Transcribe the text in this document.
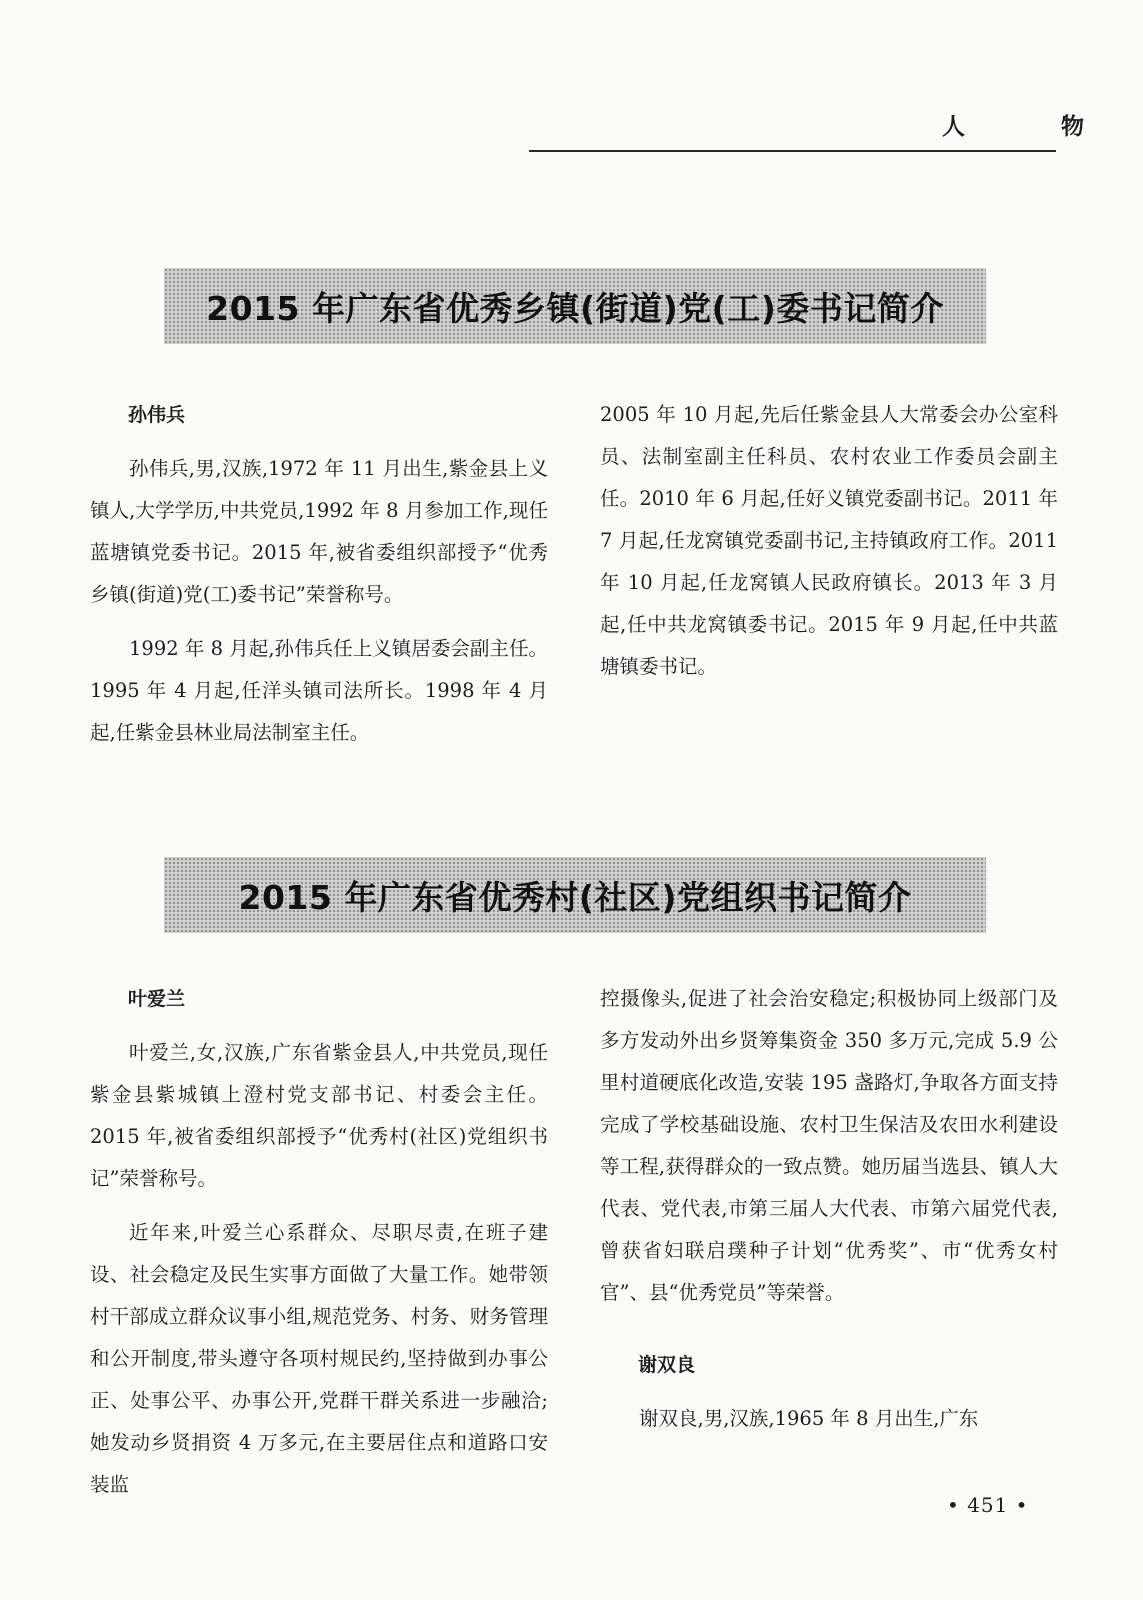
人 物
2015 年广东省优秀乡镇(街道)党(工)委书记简介

孙伟兵

孙伟兵,男,汉族,1972 年 11 月出生,紫金县上义镇人,大学学历,中共党员,1992 年 8 月参加工作,现任蓝塘镇党委书记。2015 年,被省委组织部授予“优秀乡镇(街道)党(工)委书记”荣誉称号。

1992 年 8 月起,孙伟兵任上义镇居委会副主任。1995 年 4 月起,任洋头镇司法所长。1998 年 4 月起,任紫金县林业局法制室主任。

2005 年 10 月起,先后任紫金县人大常委会办公室科员、法制室副主任科员、农村农业工作委员会副主任。2010 年 6 月起,任好义镇党委副书记。2011 年 7 月起,任龙窝镇党委副书记,主持镇政府工作。2011 年 10 月起,任龙窝镇人民政府镇长。2013 年 3 月起,任中共龙窝镇委书记。2015 年 9 月起,任中共蓝塘镇委书记。

2015 年广东省优秀村(社区)党组织书记简介

叶爱兰

叶爱兰,女,汉族,广东省紫金县人,中共党员,现任紫金县紫城镇上澄村党支部书记、村委会主任。2015 年,被省委组织部授予“优秀村(社区)党组织书记”荣誉称号。

近年来,叶爱兰心系群众、尽职尽责,在班子建设、社会稳定及民生实事方面做了大量工作。她带领村干部成立群众议事小组,规范党务、村务、财务管理和公开制度,带头遵守各项村规民约,坚持做到办事公正、处事公平、办事公开,党群干群关系进一步融洽;她发动乡贤捐资 4 万多元,在主要居住点和道路口安装监

控摄像头,促进了社会治安稳定;积极协同上级部门及多方发动外出乡贤筹集资金 350 多万元,完成 5.9 公里村道硬底化改造,安装 195 盏路灯,争取各方面支持完成了学校基础设施、农村卫生保洁及农田水利建设等工程,获得群众的一致点赞。她历届当选县、镇人大代表、党代表,市第三届人大代表、市第六届党代表,曾获省妇联启璞种子计划“优秀奖”、市“优秀女村官”、县“优秀党员”等荣誉。

谢双良

谢双良,男,汉族,1965 年 8 月出生,广东

• 451 •
